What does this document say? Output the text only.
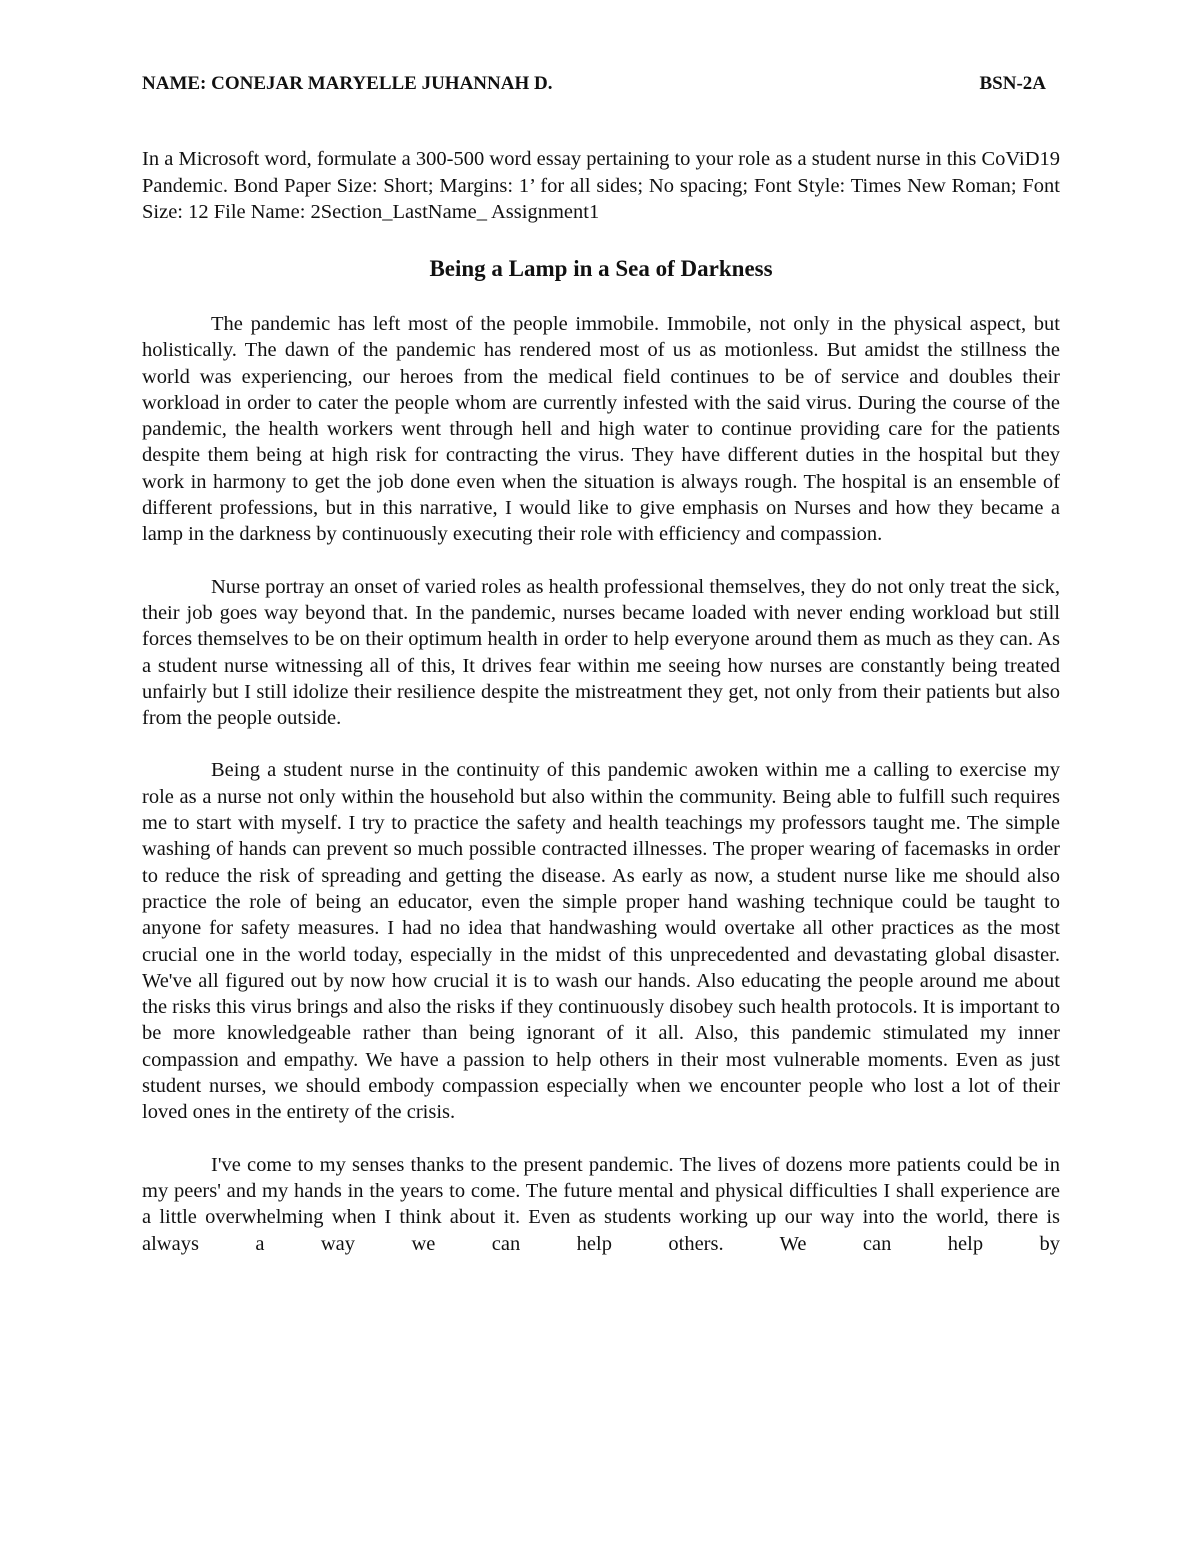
NAME: CONEJAR MARYELLE JUHANNAH D.	BSN-2A
In a Microsoft word, formulate a 300-500 word essay pertaining to your role as a student nurse in this CoViD19 Pandemic. Bond Paper Size: Short; Margins: 1’ for all sides; No spacing; Font Style: Times New Roman; Font Size: 12 File Name: 2Section_LastName_ Assignment1
Being a Lamp in a Sea of Darkness

The pandemic has left most of the people immobile. Immobile, not only in the physical aspect, but holistically. The dawn of the pandemic has rendered most of us as motionless. But amidst the stillness the world was experiencing, our heroes from the medical field continues to be of service and doubles their workload in order to cater the people whom are currently infested with the said virus. During the course of the pandemic, the health workers went through hell and high water to continue providing care for the patients despite them being at high risk for contracting the virus. They have different duties in the hospital but they work in harmony to get the job done even when the situation is always rough. The hospital is an ensemble of different professions, but in this narrative, I would like to give emphasis on Nurses and how they became a lamp in the darkness by continuously executing their role with efficiency and compassion.

Nurse portray an onset of varied roles as health professional themselves, they do not only treat the sick, their job goes way beyond that. In the pandemic, nurses became loaded with never ending workload but still forces themselves to be on their optimum health in order to help everyone around them as much as they can. As a student nurse witnessing all of this, It drives fear within me seeing how nurses are constantly being treated unfairly but I still idolize their resilience despite the mistreatment they get, not only from their patients but also from the people outside.

Being a student nurse in the continuity of this pandemic awoken within me a calling to exercise my role as a nurse not only within the household but also within the community. Being able to fulfill such requires me to start with myself. I try to practice the safety and health teachings my professors taught me. The simple washing of hands can prevent so much possible contracted illnesses. The proper wearing of facemasks in order to reduce the risk of spreading and getting the disease. As early as now, a student nurse like me should also practice the role of being an educator, even the simple proper hand washing technique could be taught to anyone for safety measures. I had no idea that handwashing would overtake all other practices as the most crucial one in the world today, especially in the midst of this unprecedented and devastating global disaster. We've all figured out by now how crucial it is to wash our hands. Also educating the people around me about the risks this virus brings and also the risks if they continuously disobey such health protocols. It is important to be more knowledgeable rather than being ignorant of it all. Also, this pandemic stimulated my inner compassion and empathy. We have a passion to help others in their most vulnerable moments. Even as just student nurses, we should embody compassion especially when we encounter people who lost a lot of their loved ones in the entirety of the crisis.

I've come to my senses thanks to the present pandemic. The lives of dozens more patients could be in my peers' and my hands in the years to come. The future mental and physical difficulties I shall experience are a little overwhelming when I think about it. Even as students working up our way into the world, there is always a way we can help others. We can help by
